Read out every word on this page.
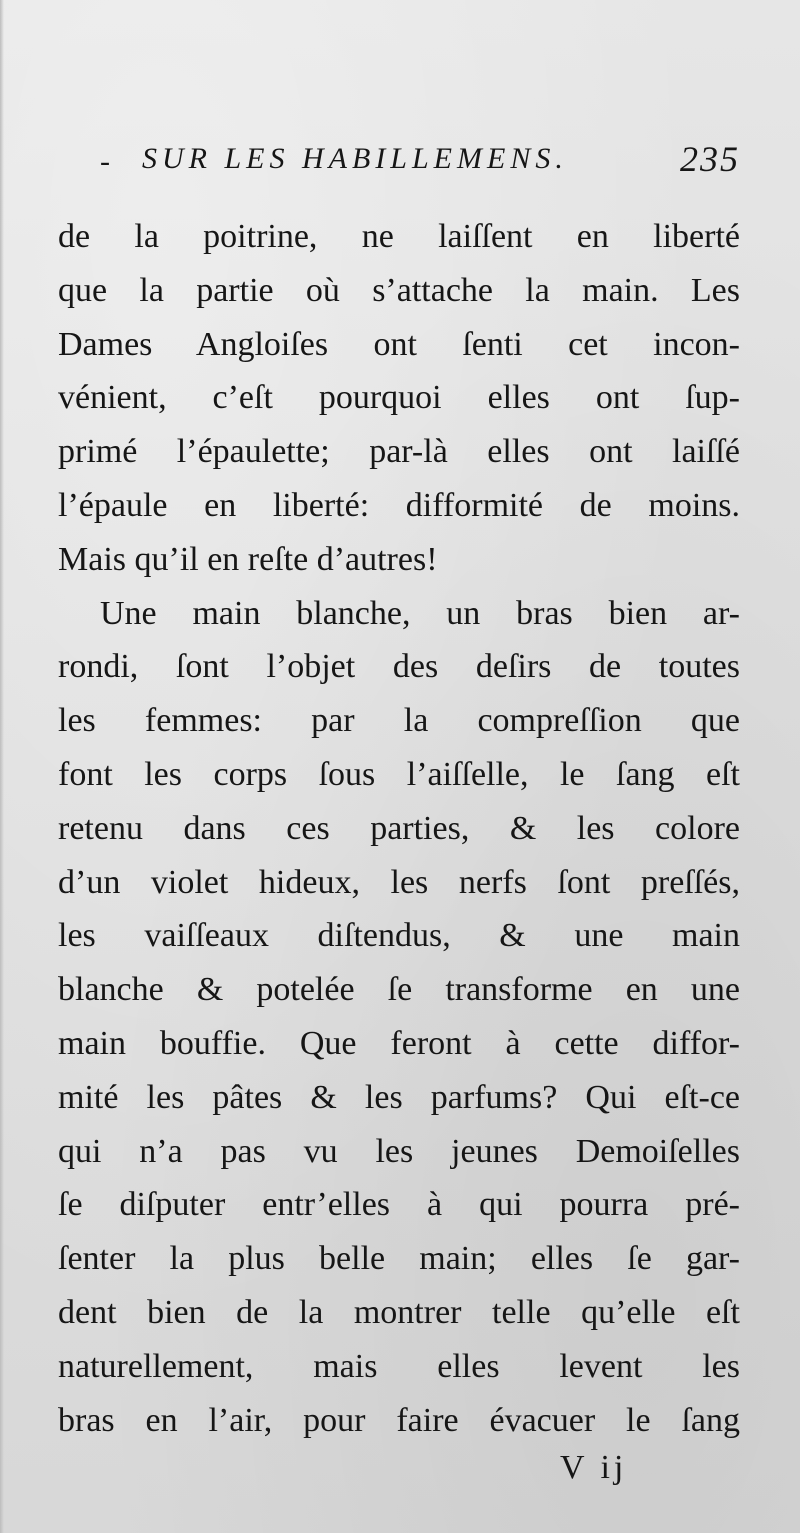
- SUR LES HABILLEMENS.	235
de la poitrine, ne laiſſent en liberté
que la partie où s’attache la main. Les
Dames Angloiſes ont ſenti cet incon-
vénient, c’eſt pourquoi elles ont ſup-
primé l’épaulette; par-là elles ont laiſſé
l’épaule en liberté: difformité de moins.
Mais qu’il en reſte d’autres!
Une main blanche, un bras bien ar-
rondi, ſont l’objet des deſirs de toutes
les femmes: par la compreſſion que
font les corps ſous l’aiſſelle, le ſang eſt
retenu dans ces parties, & les colore
d’un violet hideux, les nerfs ſont preſſés,
les vaiſſeaux diſtendus, & une main
blanche & potelée ſe transforme en une
main bouffie. Que feront à cette diffor-
mité les pâtes & les parfums? Qui eſt-ce
qui n’a pas vu les jeunes Demoiſelles
ſe diſputer entr’elles à qui pourra pré-
ſenter la plus belle main; elles ſe gar-
dent bien de la montrer telle qu’elle eſt
naturellement, mais elles levent les
bras en l’air, pour faire évacuer le ſang
V ij
